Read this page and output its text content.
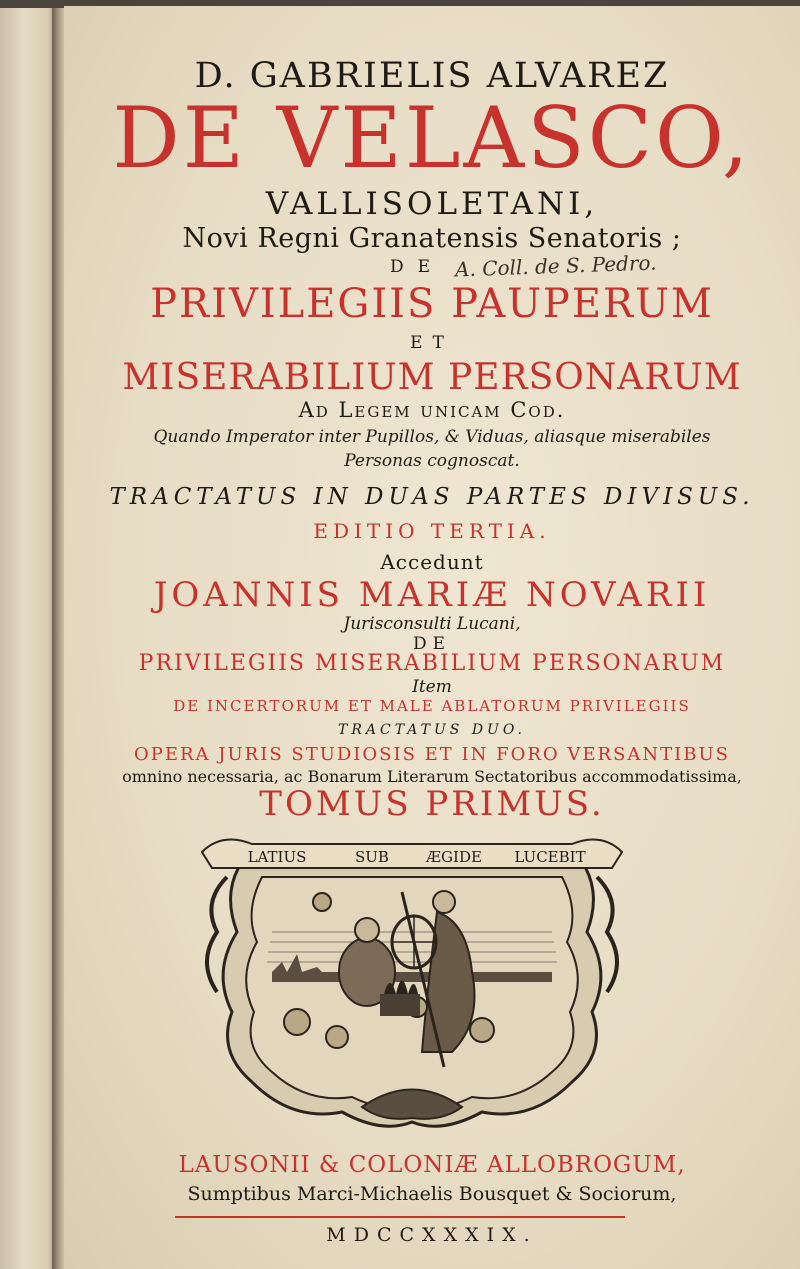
D. GABRIELIS ALVAREZ
DE VELASCO,
VALLISOLETANI,
Novi Regni Granatensis Senatoris ;
DE A. Coll. de S. Pedro.
PRIVILEGIIS PAUPERUM
ET
MISERABILIUM PERSONARUM
Ad Legem unicam Cod.
Quando Imperator inter Pupillos, & Viduas, aliasque miserabiles
Personas cognoscat.
TRACTATUS IN DUAS PARTES DIVISUS.
EDITIO TERTIA.
Accedunt
JOANNIS MARIÆ NOVARII
Jurisconsulti Lucani,
DE
PRIVILEGIIS MISERABILIUM PERSONARUM
Item
DE INCERTORUM ET MALE ABLATORUM PRIVILEGIIS
TRACTATUS DUO.
OPERA JURIS STUDIOSIS ET IN FORO VERSANTIBUS
omnino necessaria, ac Bonarum Literarum Sectatoribus accommodatissima,
TOMUS PRIMUS.
LATIUS	SUB ÆGIDE LUCEBIT
LAUSONII & COLONIÆ ALLOBROGUM,
Sumptibus Marci-Michaelis Bousquet & Sociorum,
MDCCXXXIX.
